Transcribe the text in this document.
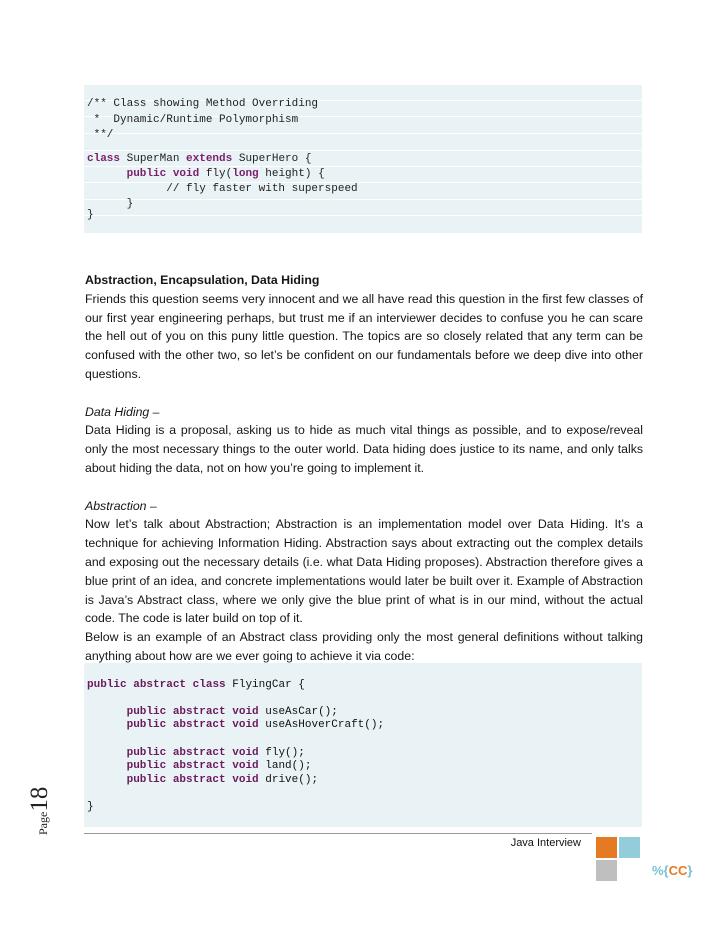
/** Class showing Method Overriding
*  Dynamic/Runtime Polymorphism
**/
class SuperMan extends SuperHero {
public void fly(long height) {
// fly faster with superspeed
}
}

Abstraction, Encapsulation, Data Hiding

Friends this question seems very innocent and we all have read this question in the first few classes of our first year engineering perhaps, but trust me if an interviewer decides to confuse you he can scare the hell out of you on this puny little question. The topics are so closely related that any term can be confused with the other two, so let’s be confident on our fundamentals before we deep dive into other questions.

Data Hiding –

Data Hiding is a proposal, asking us to hide as much vital things as possible, and to expose/reveal only the most necessary things to the outer world. Data hiding does justice to its name, and only talks about hiding the data, not on how you’re going to implement it.

Abstraction –

Now let’s talk about Abstraction; Abstraction is an implementation model over Data Hiding. It’s a technique for achieving Information Hiding. Abstraction says about extracting out the complex details and exposing out the necessary details (i.e. what Data Hiding proposes). Abstraction therefore gives a blue print of an idea, and concrete implementations would later be built over it. Example of Abstraction is Java’s Abstract class, where we only give the blue print of what is in our mind, without the actual code. The code is later build on top of it.

Below is an example of an Abstract class providing only the most general definitions without talking anything about how are we ever going to achieve it via code:

public abstract class FlyingCar {
public abstract void useAsCar();
public abstract void useAsHoverCraft();
public abstract void fly();
public abstract void land();
public abstract void drive();
}
Page18
Java Interview
%{CC}
